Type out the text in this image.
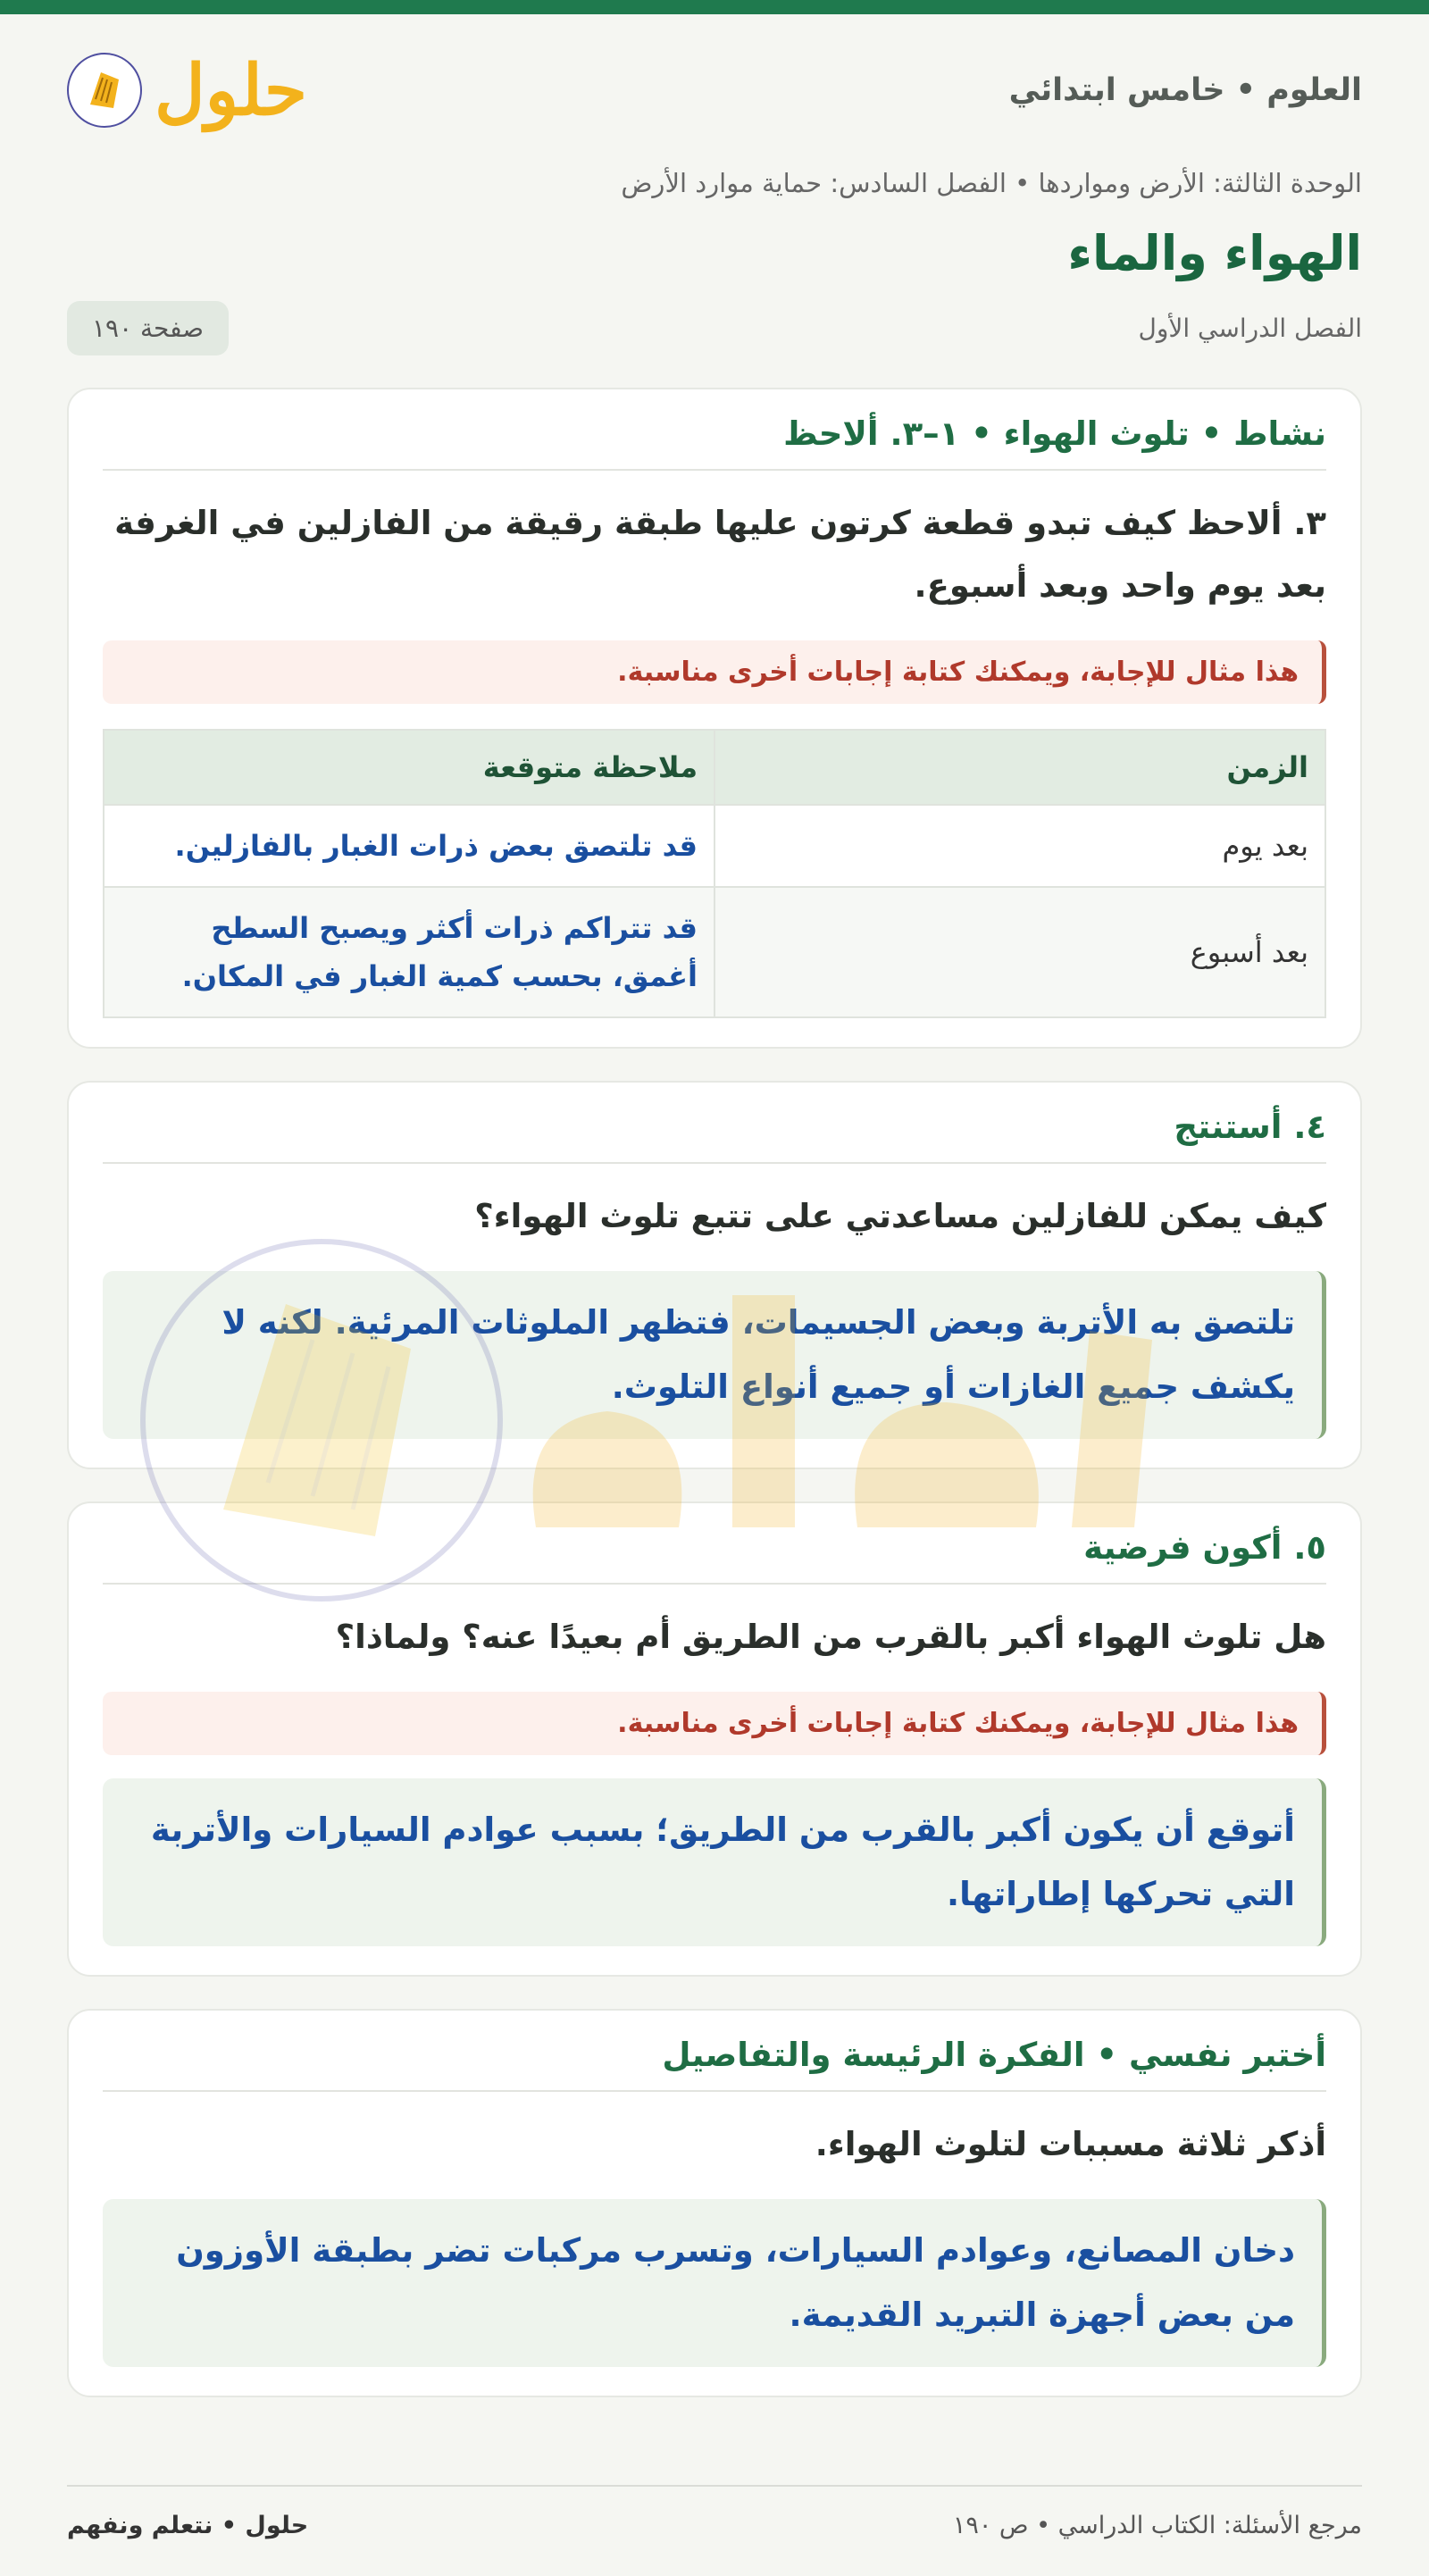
العلوم • خامس ابتدائي
حلول
الوحدة الثالثة: الأرض ومواردها • الفصل السادس: حماية موارد الأرض
الهواء والماء
الفصل الدراسي الأول
صفحة ١٩٠
نشاط • تلوث الهواء • ١–٣. ألاحظ

٣. ألاحظ كيف تبدو قطعة كرتون عليها طبقة رقيقة من الفازلين في الغرفة بعد يوم واحد وبعد أسبوع.

هذا مثال للإجابة، ويمكنك كتابة إجابات أخرى مناسبة.
الزمن	ملاحظة متوقعة
بعد يوم	قد تلتصق بعض ذرات الغبار بالفازلين.
بعد أسبوع	قد تتراكم ذرات أكثر ويصبح السطح أغمق، بحسب كمية الغبار في المكان.
٤. أستنتج

كيف يمكن للفازلين مساعدتي على تتبع تلوث الهواء؟

تلتصق به الأتربة وبعض الجسيمات، فتظهر الملوثات المرئية. لكنه لا يكشف جميع الغازات أو جميع أنواع التلوث.
٥. أكون فرضية

هل تلوث الهواء أكبر بالقرب من الطريق أم بعيدًا عنه؟ ولماذا؟

هذا مثال للإجابة، ويمكنك كتابة إجابات أخرى مناسبة.
أتوقع أن يكون أكبر بالقرب من الطريق؛ بسبب عوادم السيارات والأتربة التي تحركها إطاراتها.
أختبر نفسي • الفكرة الرئيسة والتفاصيل

أذكر ثلاثة مسببات لتلوث الهواء.

دخان المصانع، وعوادم السيارات، وتسرب مركبات تضر بطبقة الأوزون من بعض أجهزة التبريد القديمة.
مرجع الأسئلة: الكتاب الدراسي • ص ١٩٠
حلول • نتعلم ونفهم
